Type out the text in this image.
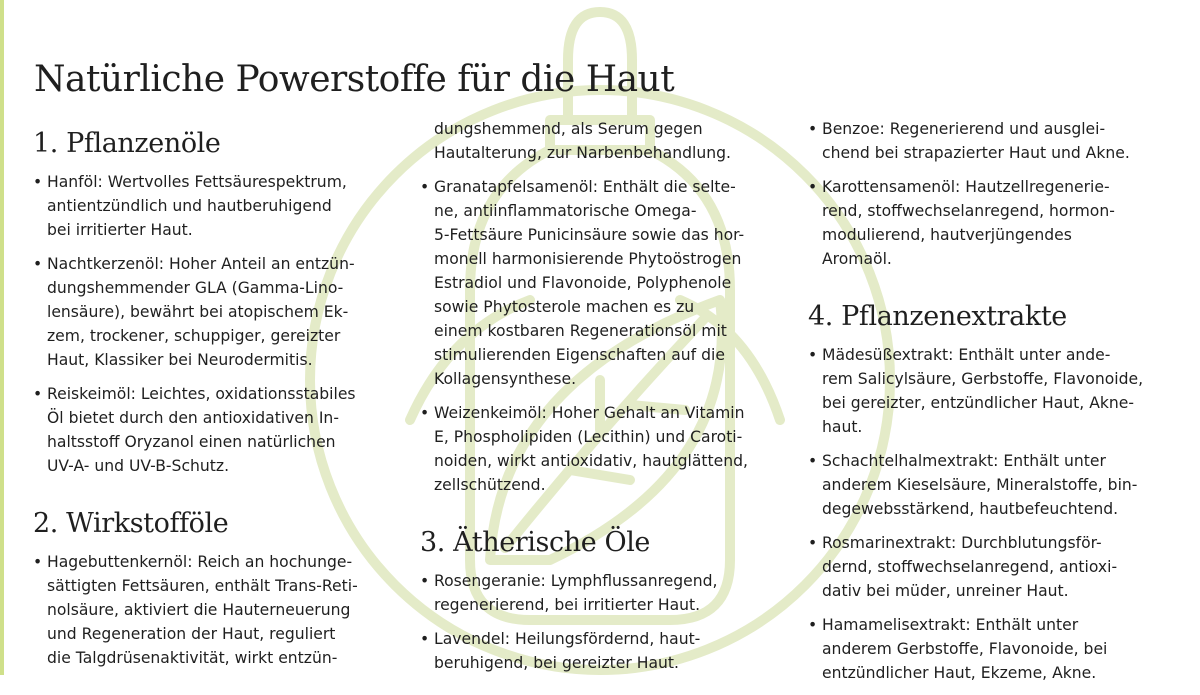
Natürliche Powerstoffe für die Haut
1. Pflanzenöle
• Hanföl: Wertvolles Fettsäurespektrum,
antientzündlich und hautberuhigend
bei irritierter Haut.
• Nachtkerzenöl: Hoher Anteil an entzün-
dungshemmender GLA (Gamma-Lino-
lensäure), bewährt bei atopischem Ek-
zem, trockener, schuppiger, gereizter
Haut, Klassiker bei Neurodermitis.
• Reiskeimöl: Leichtes, oxidationsstabiles
Öl bietet durch den antioxidativen In-
haltsstoff Oryzanol einen natürlichen
UV-A- und UV-B-Schutz.
2. Wirkstofföle
• Hagebuttenkernöl: Reich an hochunge-
sättigten Fettsäuren, enthält Trans-Reti-
nolsäure, aktiviert die Hauterneuerung
und Regeneration der Haut, reguliert
die Talgdrüsenaktivität, wirkt entzün-
dungshemmend, als Serum gegen
Hautalterung, zur Narbenbehandlung.
• Granatapfelsamenöl: Enthält die selte-
ne, antiinflammatorische Omega-
5-Fettsäure Punicinsäure sowie das hor-
monell harmonisierende Phytoöstrogen
Estradiol und Flavonoide, Polyphenole
sowie Phytosterole machen es zu
einem kostbaren Regenerationsöl mit
stimulierenden Eigenschaften auf die
Kollagensynthese.
• Weizenkeimöl: Hoher Gehalt an Vitamin
E, Phospholipiden (Lecithin) und Caroti-
noiden, wirkt antioxidativ, hautglättend,
zellschützend.
3. Ätherische Öle
• Rosengeranie: Lymphflussanregend,
regenerierend, bei irritierter Haut.
• Lavendel: Heilungsfördernd, haut-
beruhigend, bei gereizter Haut.
• Benzoe: Regenerierend und ausglei-
chend bei strapazierter Haut und Akne.
• Karottensamenöl: Hautzellregenerie-
rend, stoffwechselanregend, hormon-
modulierend, hautverjüngendes
Aromaöl.
4. Pflanzenextrakte
• Mädesüßextrakt: Enthält unter ande-
rem Salicylsäure, Gerbstoffe, Flavonoide,
bei gereizter, entzündlicher Haut, Akne-
haut.
• Schachtelhalmextrakt: Enthält unter
anderem Kieselsäure, Mineralstoffe, bin-
degewebsstärkend, hautbefeuchtend.
• Rosmarinextrakt: Durchblutungsför-
dernd, stoffwechselanregend, antioxi-
dativ bei müder, unreiner Haut.
• Hamamelisextrakt: Enthält unter
anderem Gerbstoffe, Flavonoide, bei
entzündlicher Haut, Ekzeme, Akne.
